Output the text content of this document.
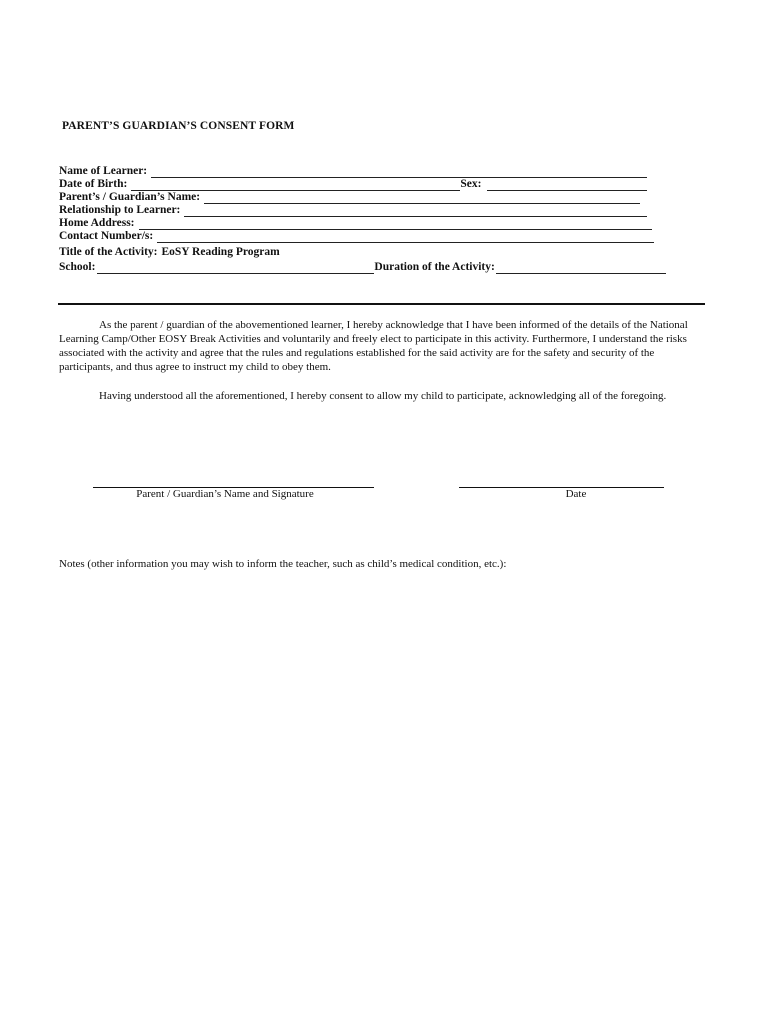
PARENT’S GUARDIAN’S CONSENT FORM
Name of Learner:
Date of Birth:	Sex:
Parent’s / Guardian’s Name:
Relationship to Learner:
Home Address:
Contact Number/s:
Title of the Activity: EoSY Reading Program
School:	Duration of the Activity:

As the parent / guardian of the abovementioned learner, I hereby acknowledge that I have been informed of the details of the National Learning Camp/Other EOSY Break Activities and voluntarily and freely elect to participate in this activity. Furthermore, I understand the risks associated with the activity and agree that the rules and regulations established for the said activity are for the safety and security of the participants, and thus agree to instruct my child to obey them.

Having understood all the aforementioned, I hereby consent to allow my child to participate, acknowledging all of the foregoing.

Parent / Guardian’s Name and Signature	Date
Notes (other information you may wish to inform the teacher, such as child’s medical condition, etc.):
